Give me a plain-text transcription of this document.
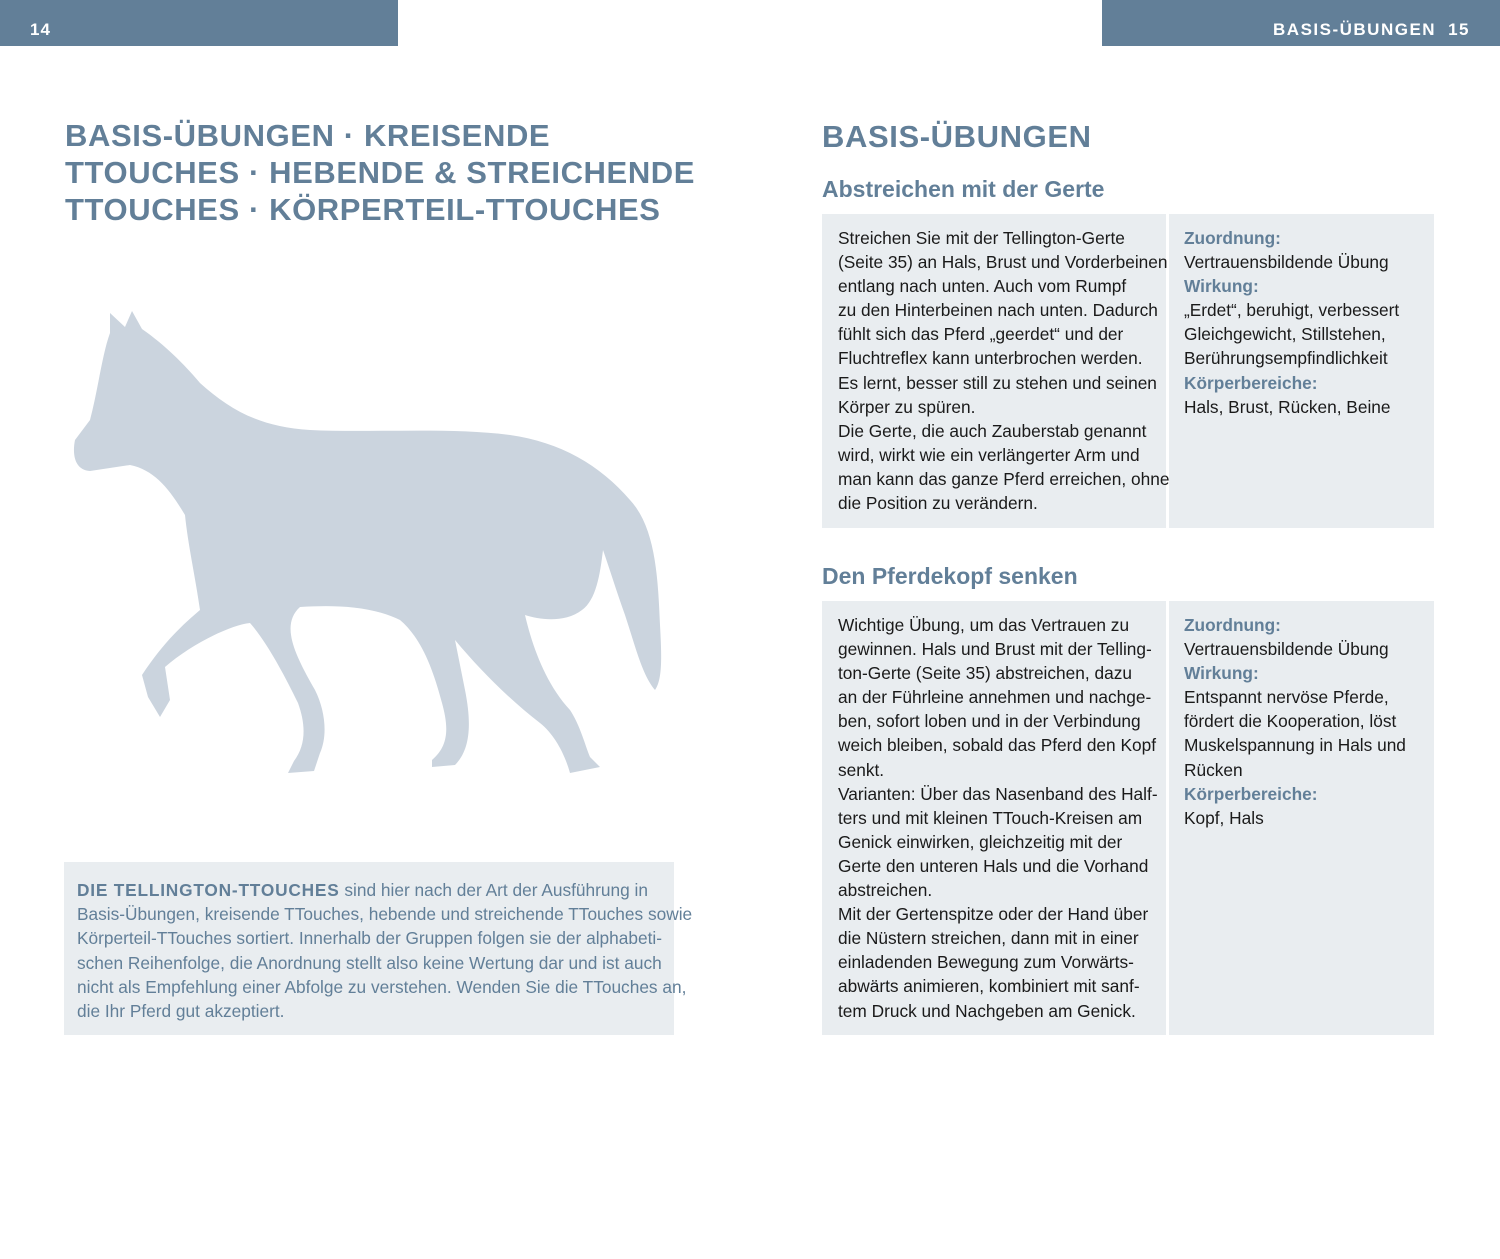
14	BASIS-ÜBUNGEN 15
BASIS-ÜBUNGEN · KREISENDE
TTOUCHES · HEBENDE & STREICHENDE
TTOUCHES · KÖRPERTEIL-TTOUCHES
DIE TELLINGTON-TTOUCHES sind hier nach der Art der Ausführung in
Basis-Übungen, kreisende TTouches, hebende und streichende TTouches sowie
Körperteil-TTouches sortiert. Innerhalb der Gruppen folgen sie der alphabeti-
schen Reihenfolge, die Anordnung stellt also keine Wertung dar und ist auch
nicht als Empfehlung einer Abfolge zu verstehen. Wenden Sie die TTouches an,
die Ihr Pferd gut akzeptiert.
BASIS-ÜBUNGEN
Abstreichen mit der Gerte
Streichen Sie mit der Tellington-Gerte
(Seite 35) an Hals, Brust und Vorderbeinen
entlang nach unten. Auch vom Rumpf
zu den Hinterbeinen nach unten. Dadurch
fühlt sich das Pferd „geerdet“ und der
Fluchtreflex kann unterbrochen werden.
Es lernt, besser still zu stehen und seinen
Körper zu spüren.
Die Gerte, die auch Zauberstab genannt
wird, wirkt wie ein verlängerter Arm und
man kann das ganze Pferd erreichen, ohne
die Position zu verändern.
Zuordnung:
Vertrauensbildende Übung
Wirkung:
„Erdet“, beruhigt, verbessert
Gleichgewicht, Stillstehen,
Berührungsempfindlichkeit
Körperbereiche:
Hals, Brust, Rücken, Beine
Den Pferdekopf senken
Wichtige Übung, um das Vertrauen zu
gewinnen. Hals und Brust mit der Telling-
ton-Gerte (Seite 35) abstreichen, dazu
an der Führleine annehmen und nachge-
ben, sofort loben und in der Verbindung
weich bleiben, sobald das Pferd den Kopf
senkt.
Varianten: Über das Nasenband des Half-
ters und mit kleinen TTouch-Kreisen am
Genick einwirken, gleichzeitig mit der
Gerte den unteren Hals und die Vorhand
abstreichen.
Mit der Gertenspitze oder der Hand über
die Nüstern streichen, dann mit in einer
einladenden Bewegung zum Vorwärts-
abwärts animieren, kombiniert mit sanf-
tem Druck und Nachgeben am Genick.
Zuordnung:
Vertrauensbildende Übung
Wirkung:
Entspannt nervöse Pferde,
fördert die Kooperation, löst
Muskelspannung in Hals und
Rücken
Körperbereiche:
Kopf, Hals
